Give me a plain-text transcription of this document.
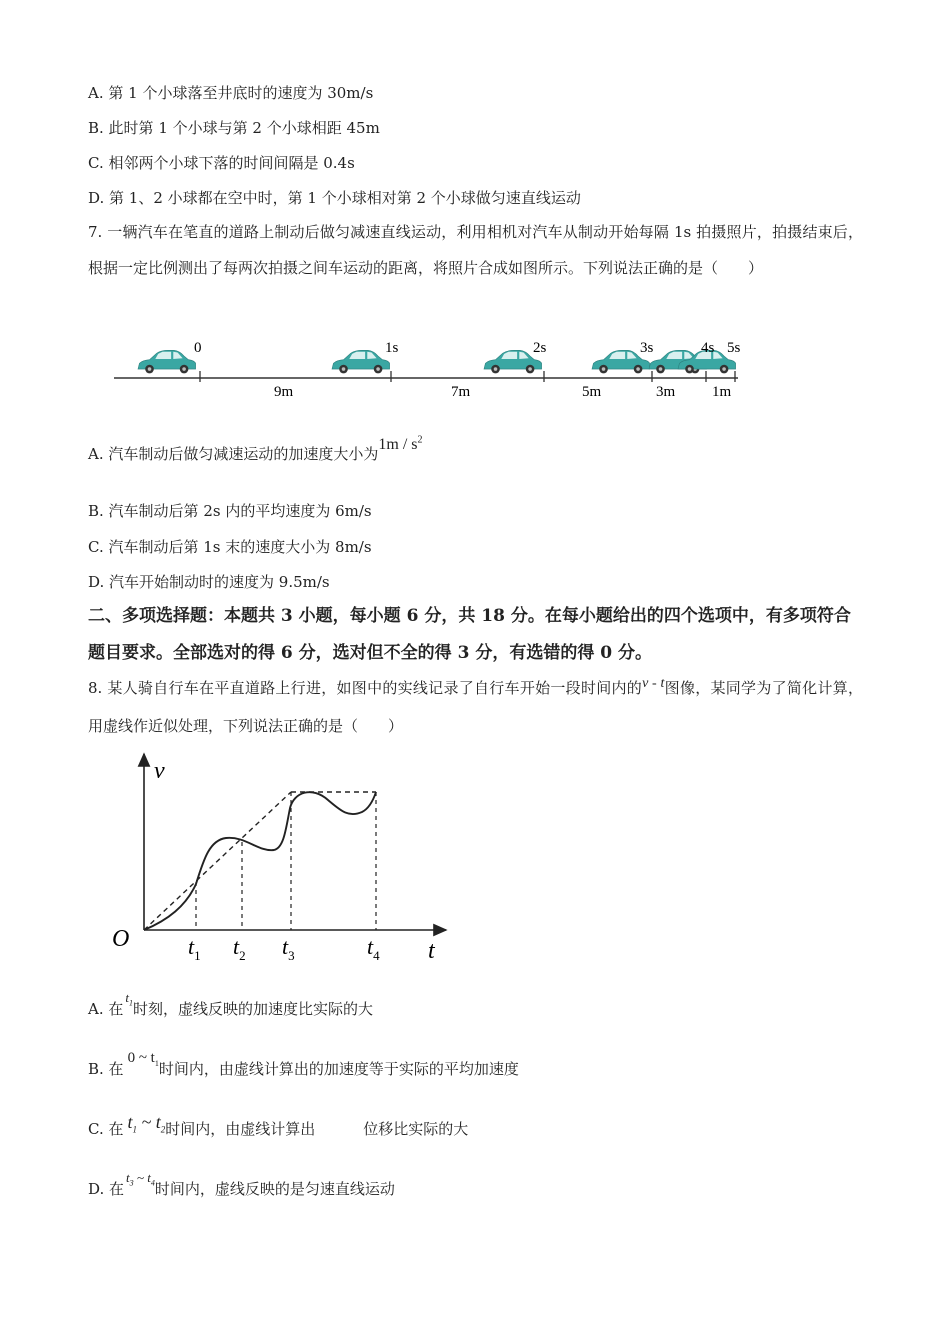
A. 第 1 个小球落至井底时的速度为 30m/s
B. 此时第 1 个小球与第 2 个小球相距 45m
C. 相邻两个小球下落的时间间隔是 0.4s
D. 第 1、2 小球都在空中时，第 1 个小球相对第 2 个小球做匀速直线运动
7. 一辆汽车在笔直的道路上制动后做匀减速直线运动，利用相机对汽车从制动开始每隔 1s 拍摄照片，拍摄结束后，根据一定比例测出了每两次拍摄之间车运动的距离，将照片合成如图所示。下列说法正确的是（　　）
0	1s	2s	3s	4s 5s
9m	7m	5m	3m 1m
A. 汽车制动后做匀减速运动的加速度大小为$1m / s^2$
B. 汽车制动后第 2s 内的平均速度为 6m/s
C. 汽车制动后第 1s 末的速度大小为 8m/s
D. 汽车开始制动时的速度为 9.5m/s
二、多项选择题：本题共 3 小题，每小题 6 分，共 18 分。在每小题给出的四个选项中，有多项符合题目要求。全部选对的得 6 分，选对但不全的得 3 分，有选错的得 0 分。
8. 某人骑自行车在平直道路上行进，如图中的实线记录了自行车开始一段时间内的v - t图像，某同学为了简化计算，用虚线作近似处理，下列说法正确的是（　　）
v
O	t
$t_1$ $t_2$ $t_3$	$t_4$
A. 在$t_1$时刻，虚线反映的加速度比实际的大
B. 在0 ~ $t_1$时间内，由虚线计算出的加速度等于实际的平均加速度
C. 在 $t_1$ ~ $t_2$时间内，由虚线计算出	位移比实际的大
D. 在$t_3$ ~ $t_4$时间内，虚线反映的是匀速直线运动
